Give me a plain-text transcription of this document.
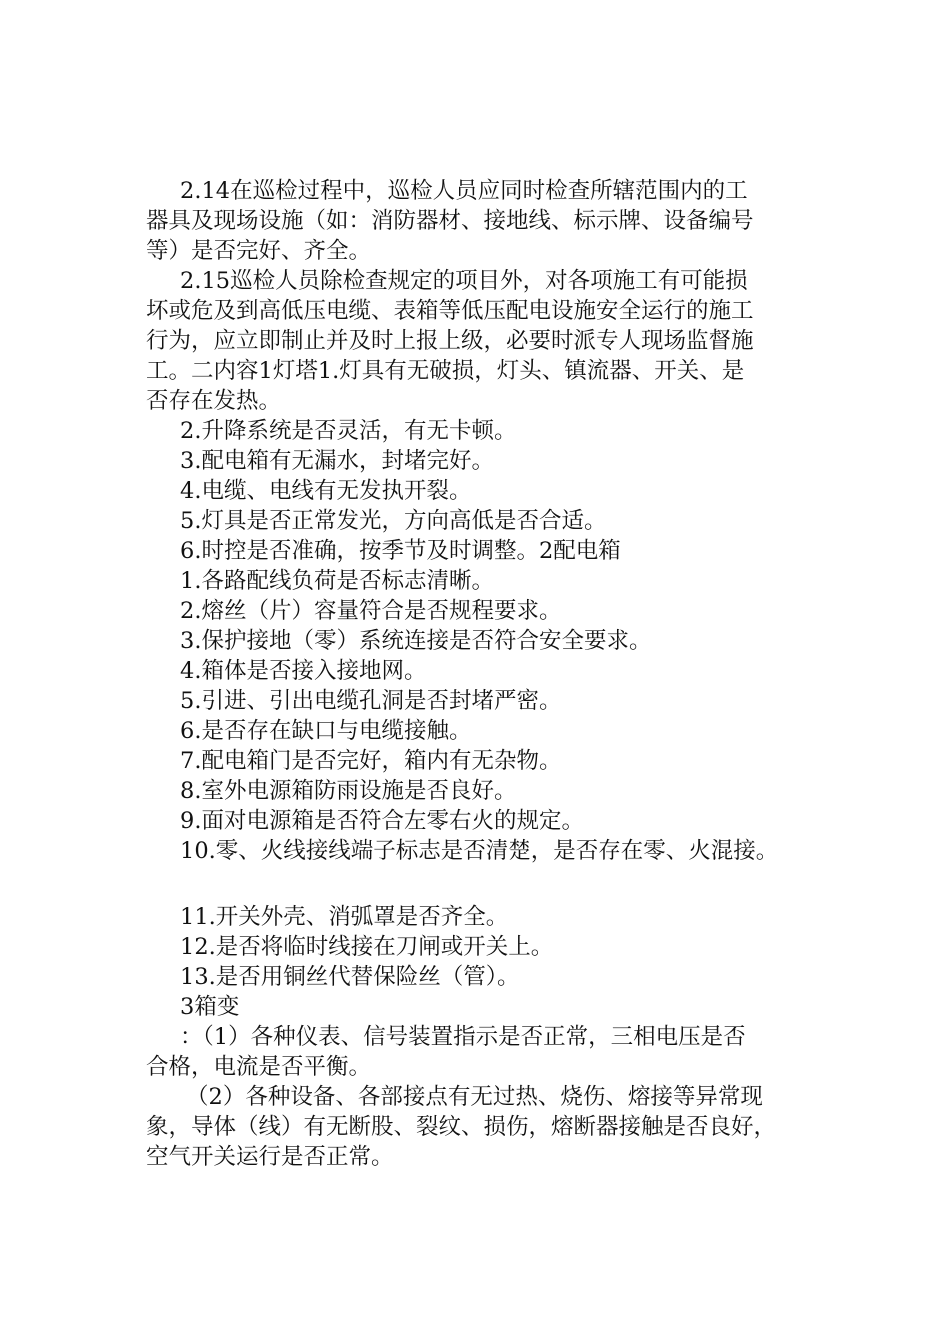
2.14在巡检过程中，巡检人员应同时检查所辖范围内的工
器具及现场设施（如：消防器材、接地线、标示牌、设备编号
等）是否完好、齐全。
2.15巡检人员除检查规定的项目外，对各项施工有可能损
坏或危及到高低压电缆、表箱等低压配电设施安全运行的施工
行为，应立即制止并及时上报上级，必要时派专人现场监督施
工。二内容1灯塔1.灯具有无破损，灯头、镇流器、开关、是
否存在发热。
2.升降系统是否灵活，有无卡顿。
3.配电箱有无漏水，封堵完好。
4.电缆、电线有无发执开裂。
5.灯具是否正常发光，方向高低是否合适。
6.时控是否准确，按季节及时调整。2配电箱
1.各路配线负荷是否标志清晰。
2.熔丝（片）容量符合是否规程要求。
3.保护接地（零）系统连接是否符合安全要求。
4.箱体是否接入接地网。
5.引进、引出电缆孔洞是否封堵严密。
6.是否存在缺口与电缆接触。
7.配电箱门是否完好，箱内有无杂物。
8.室外电源箱防雨设施是否良好。
9.面对电源箱是否符合左零右火的规定。
10.零、火线接线端子标志是否清楚，是否存在零、火混接。
11.开关外壳、消弧罩是否齐全。
12.是否将临时线接在刀闸或开关上。
13.是否用铜丝代替保险丝（管）。
3箱变
：（1）各种仪表、信号装置指示是否正常，三相电压是否
合格，电流是否平衡。
（2）各种设备、各部接点有无过热、烧伤、熔接等异常现
象，导体（线）有无断股、裂纹、损伤，熔断器接触是否良好，
空气开关运行是否正常。
